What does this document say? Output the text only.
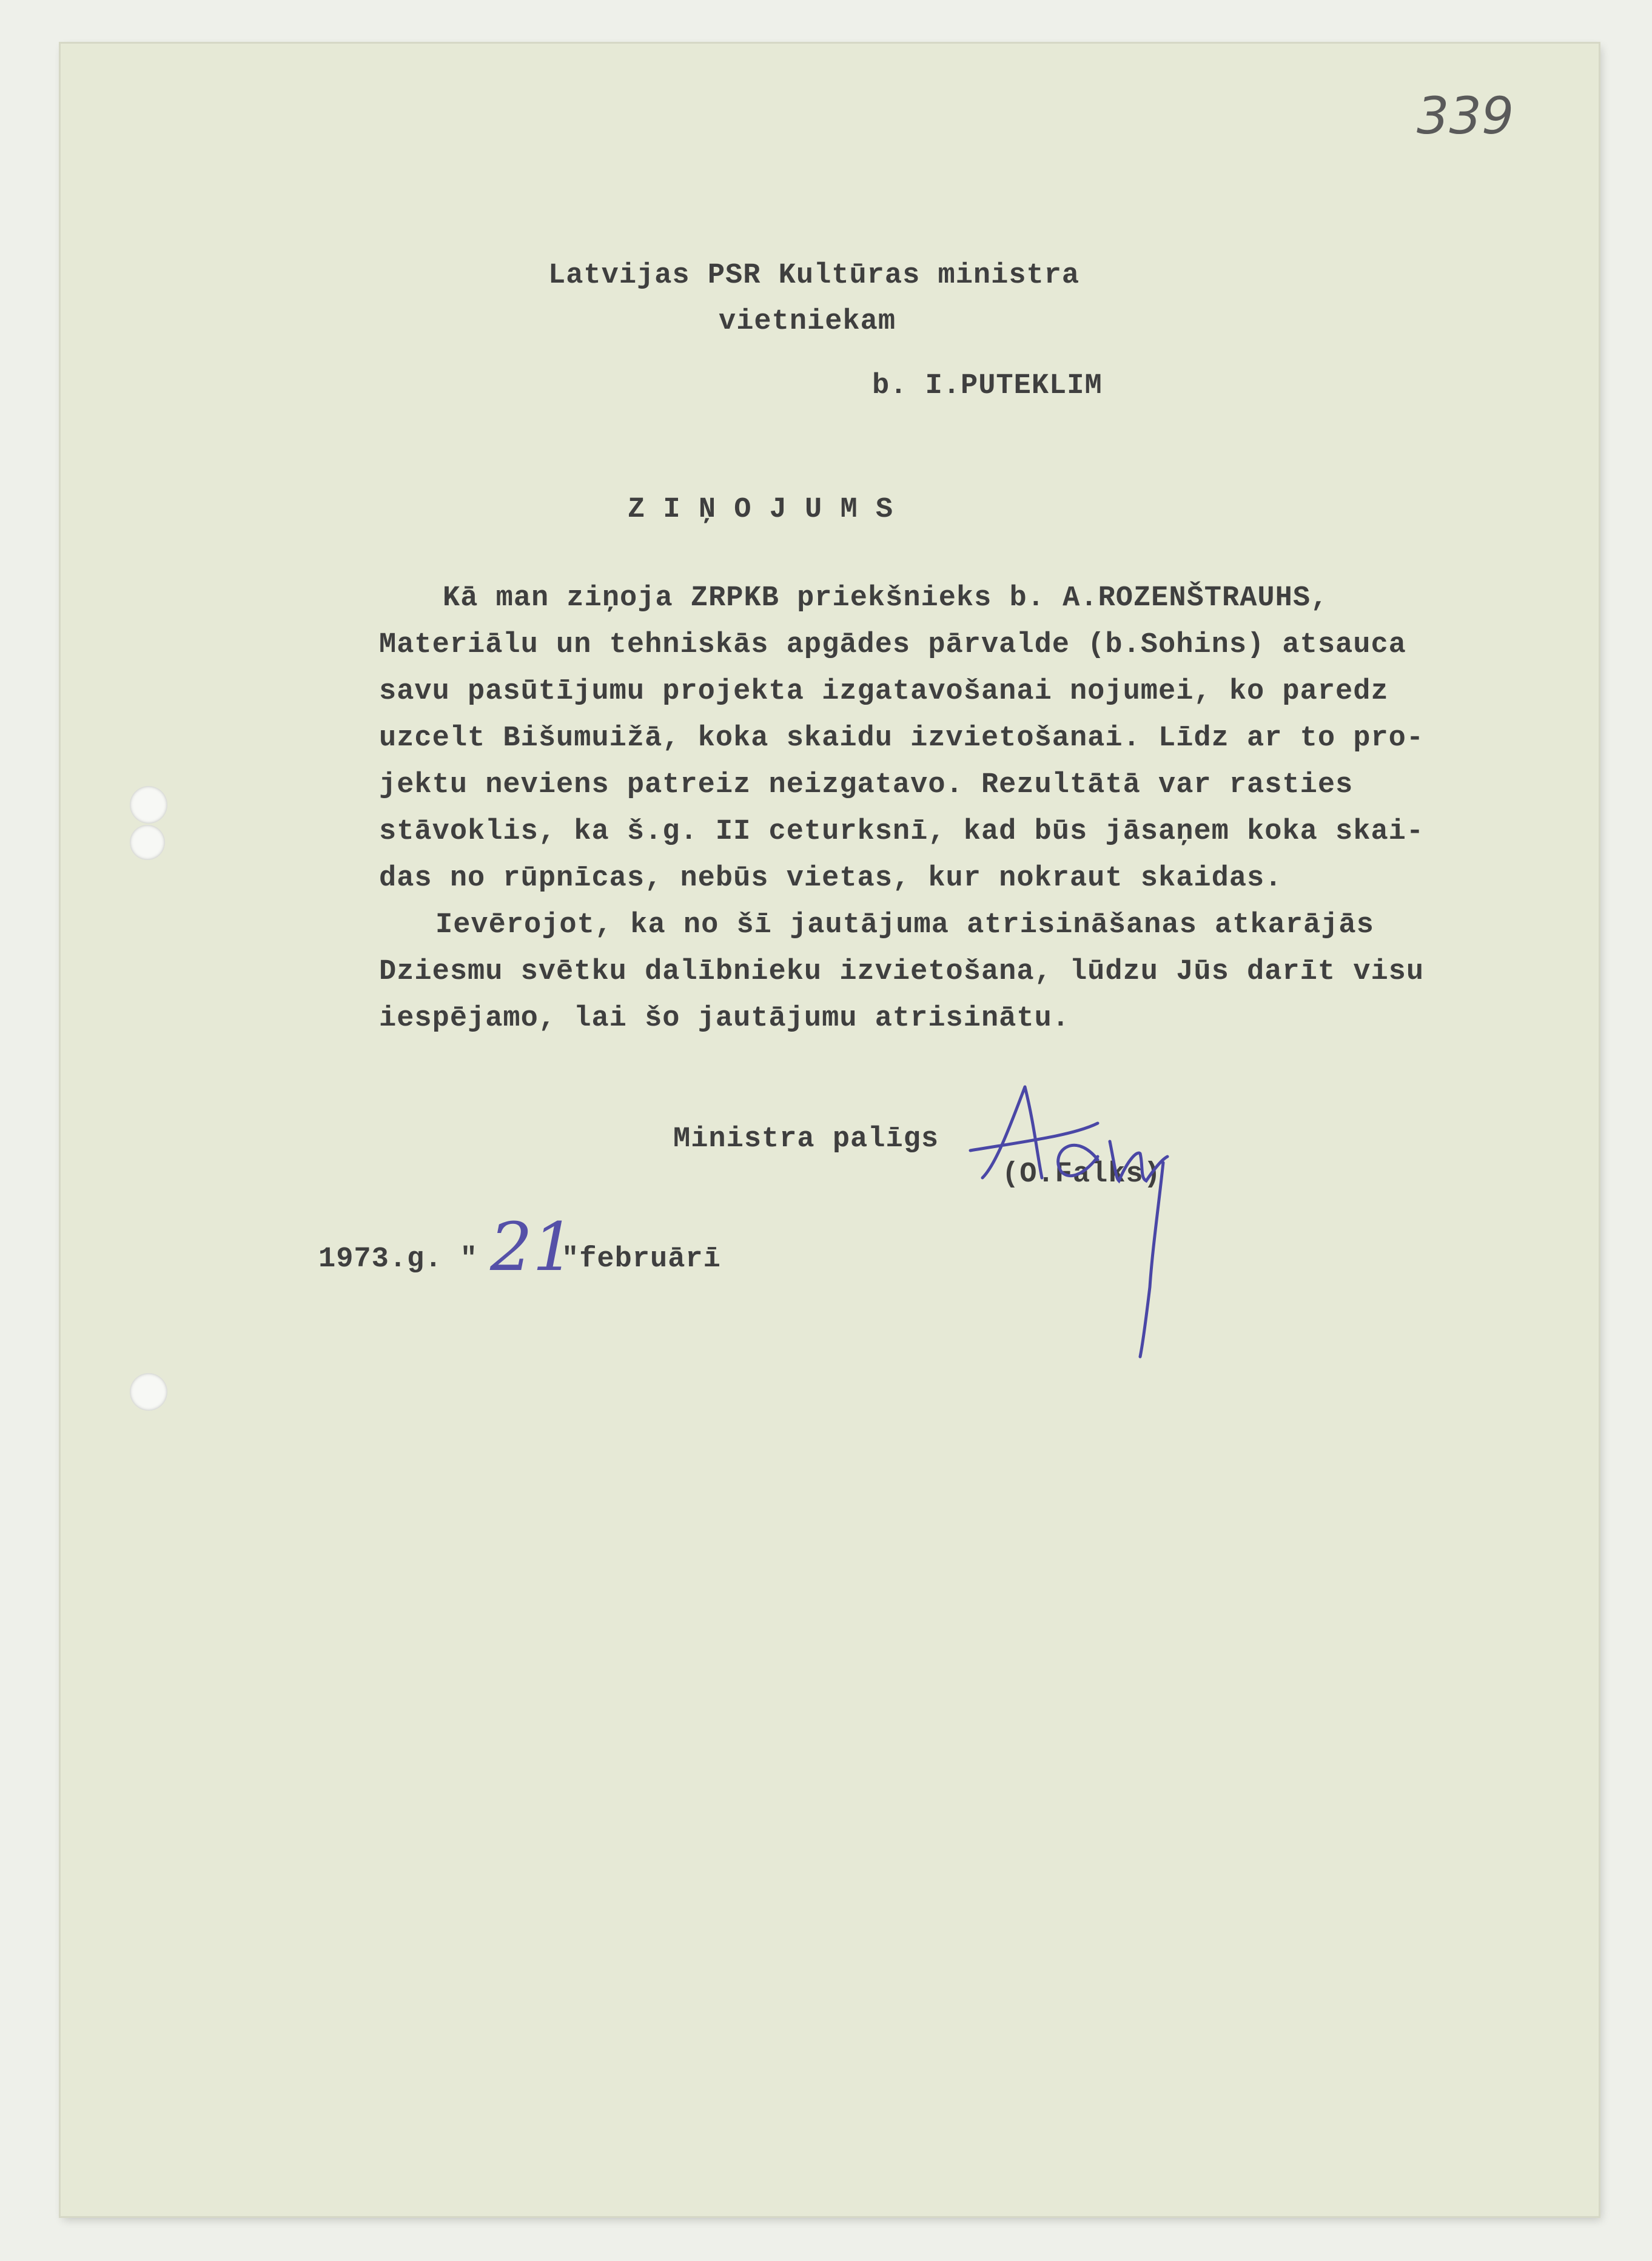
339
Latvijas PSR Kultūras ministra
vietniekam
b. I.PUTEKLIM
Z I Ņ O J U M S
Kā man ziņoja ZRPKB priekšnieks b. A.ROZENŠTRAUHS,
Materiālu un tehniskās apgādes pārvalde (b.Sohins) atsauca
savu pasūtījumu projekta izgatavošanai nojumei, ko paredz
uzcelt Bišumuižā, koka skaidu izvietošanai. Līdz ar to pro-
jektu neviens patreiz neizgatavo. Rezultātā var rasties
stāvoklis, ka š.g. II ceturksnī, kad būs jāsaņem koka skai-
das no rūpnīcas, nebūs vietas, kur nokraut skaidas.
Ievērojot, ka no šī jautājuma atrisināšanas atkarājās
Dziesmu svētku dalībnieku izvietošana, lūdzu Jūs darīt visu
iespējamo, lai šo jautājumu atrisinātu.
Ministra palīgs
(O.Falks)
1973.g. " 21
"februārī
